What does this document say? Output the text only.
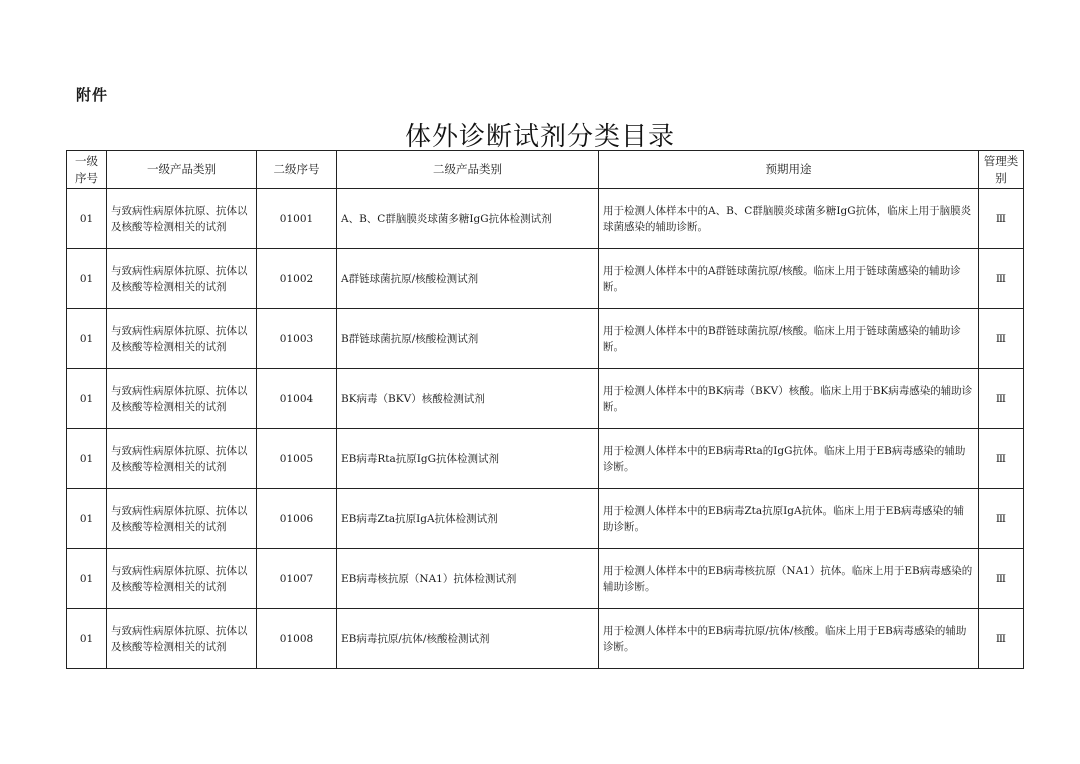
附件
体外诊断试剂分类目录
一级序号	一级产品类别	二级序号	二级产品类别	预期用途	管理类别
01	与致病性病原体抗原、抗体以及核酸等检测相关的试剂	01001	A、B、C群脑膜炎球菌多糖IgG抗体检测试剂	用于检测人体样本中的A、B、C群脑膜炎球菌多糖IgG抗体，临床上用于脑膜炎球菌感染的辅助诊断。	Ⅲ
01	与致病性病原体抗原、抗体以及核酸等检测相关的试剂	01002	A群链球菌抗原/核酸检测试剂	用于检测人体样本中的A群链球菌抗原/核酸。临床上用于链球菌感染的辅助诊断。	Ⅲ
01	与致病性病原体抗原、抗体以及核酸等检测相关的试剂	01003	B群链球菌抗原/核酸检测试剂	用于检测人体样本中的B群链球菌抗原/核酸。临床上用于链球菌感染的辅助诊断。	Ⅲ
01	与致病性病原体抗原、抗体以及核酸等检测相关的试剂	01004	BK病毒（BKV）核酸检测试剂	用于检测人体样本中的BK病毒（BKV）核酸。临床上用于BK病毒感染的辅助诊断。	Ⅲ
01	与致病性病原体抗原、抗体以及核酸等检测相关的试剂	01005	EB病毒Rta抗原IgG抗体检测试剂	用于检测人体样本中的EB病毒Rta的IgG抗体。临床上用于EB病毒感染的辅助诊断。	Ⅲ
01	与致病性病原体抗原、抗体以及核酸等检测相关的试剂	01006	EB病毒Zta抗原IgA抗体检测试剂	用于检测人体样本中的EB病毒Zta抗原IgA抗体。临床上用于EB病毒感染的辅助诊断。	Ⅲ
01	与致病性病原体抗原、抗体以及核酸等检测相关的试剂	01007	EB病毒核抗原（NA1）抗体检测试剂	用于检测人体样本中的EB病毒核抗原（NA1）抗体。临床上用于EB病毒感染的辅助诊断。	Ⅲ
01	与致病性病原体抗原、抗体以及核酸等检测相关的试剂	01008	EB病毒抗原/抗体/核酸检测试剂	用于检测人体样本中的EB病毒抗原/抗体/核酸。临床上用于EB病毒感染的辅助诊断。	Ⅲ
